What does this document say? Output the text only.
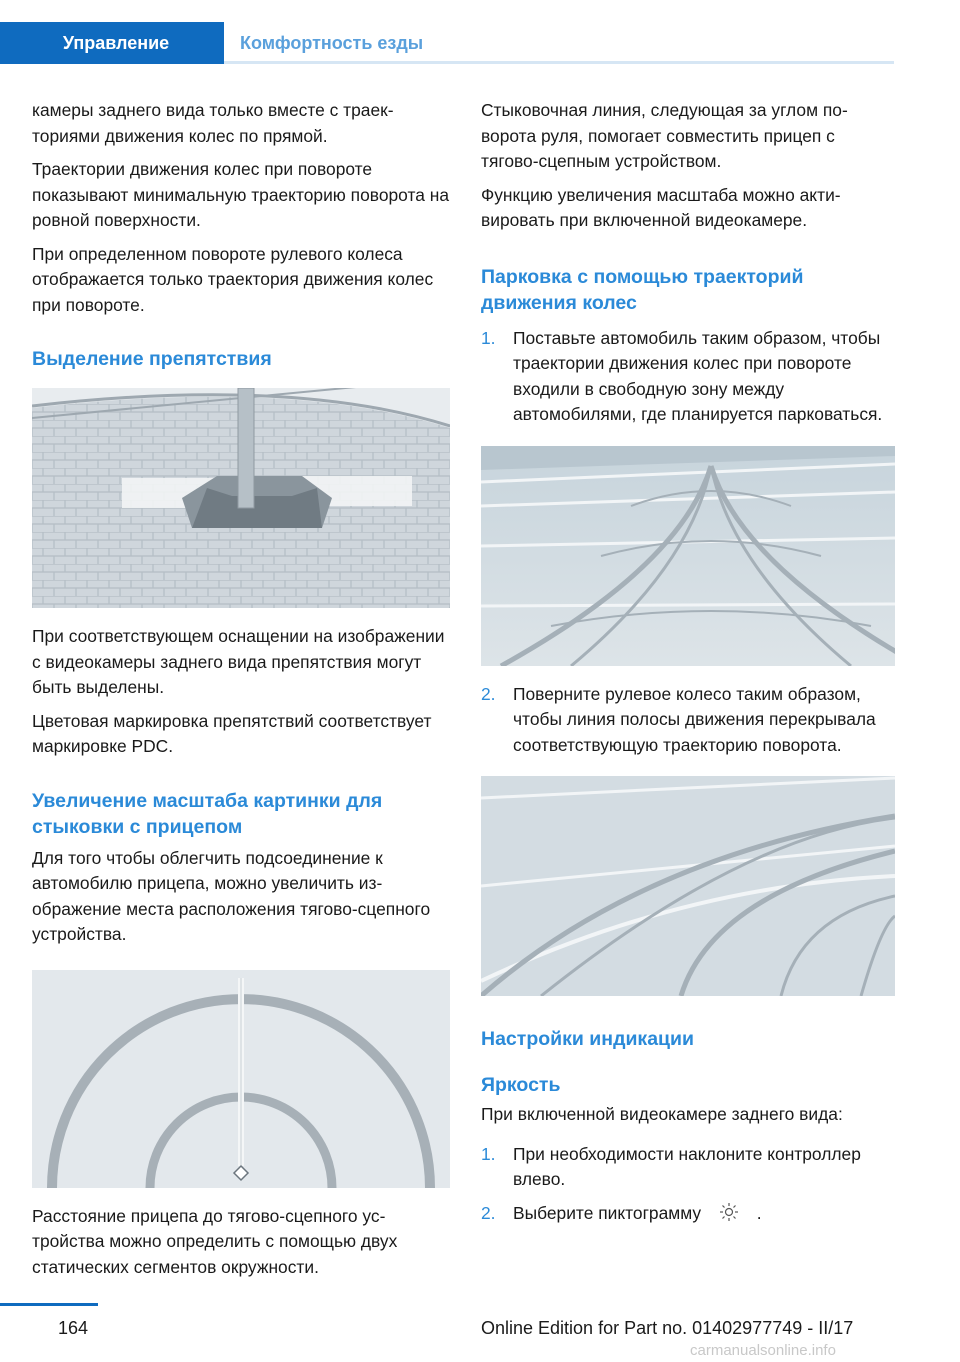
Управление	Комфортность езды

камеры заднего вида только вместе с траекториями движения колес по прямой.

Траектории движения колес при повороте показывают минимальную траекторию поворота на ровной поверхности.

При определенном повороте рулевого колеса отображается только траектория движения колес при повороте.

Выделение препятствия

При соответствующем оснащении на изображении с видеокамеры заднего вида препятствия могут быть выделены.

Цветовая маркировка препятствий соответствует маркировке PDC.

Увеличение масштаба картинки для стыковки с прицепом

Для того чтобы облегчить подсоединение к автомобилю прицепа, можно увеличить изображение места расположения тягово-сцепного устройства.

Расстояние прицепа до тягово-сцепного устройства можно определить с помощью двух статических сегментов окружности.

Стыковочная линия, следующая за углом поворота руля, помогает совместить прицеп с тягово-сцепным устройством.

Функцию увеличения масштаба можно активировать при включенной видеокамере.

Парковка с помощью траекторий движения колес
1. Поставьте автомобиль таким образом, чтобы траектории движения колес при повороте входили в свободную зону между автомобилями, где планируется парковаться.
2. Поверните рулевое колесо таким образом, чтобы линия полосы движения перекрывала соответствующую траекторию поворота.
Настройки индикации
Яркость

При включенной видеокамере заднего вида:

1. При необходимости наклоните контроллер влево.
2. Выберите пиктограмму	.
164	Online Edition for Part no. 01402977749 - II/17
carmanualsonline.info
